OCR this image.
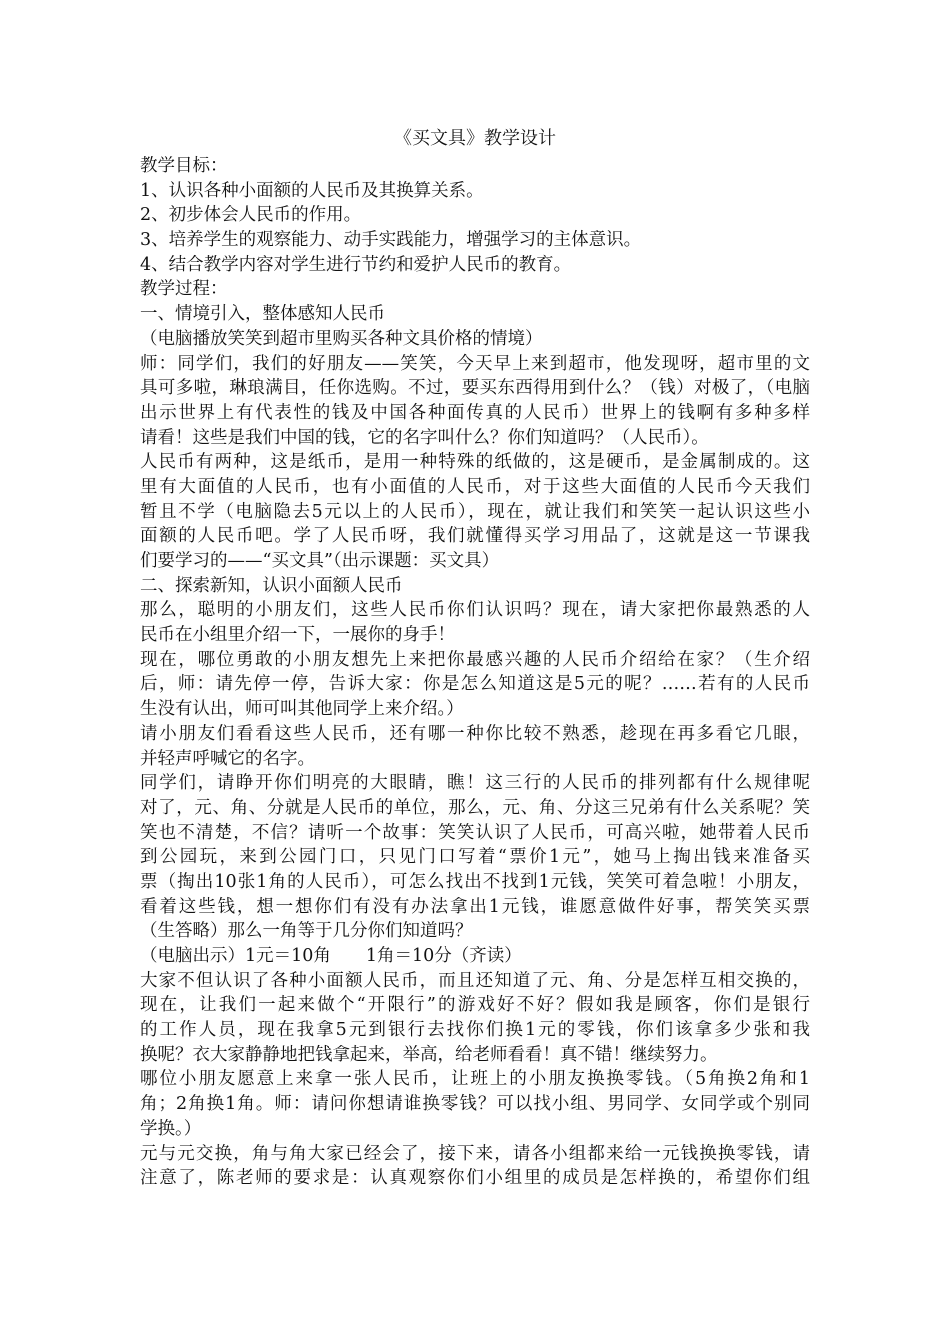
《买文具》教学设计
教学目标：
1、认识各种小面额的人民币及其换算关系。
2、初步体会人民币的作用。
3、培养学生的观察能力、动手实践能力，增强学习的主体意识。
4、结合教学内容对学生进行节约和爱护人民币的教育。
教学过程：
一、情境引入，整体感知人民币
（电脑播放笑笑到超市里购买各种文具价格的情境）
师：同学们，我们的好朋友——笑笑，今天早上来到超市，他发现呀，超市里的文
具可多啦，琳琅满目，任你选购。不过，要买东西得用到什么？（钱）对极了，（电脑
出示世界上有代表性的钱及中国各种面传真的人民币）世界上的钱啊有多种多样
请看！这些是我们中国的钱，它的名字叫什么？你们知道吗？（人民币）。
人民币有两种，这是纸币，是用一种特殊的纸做的，这是硬币，是金属制成的。这
里有大面值的人民币，也有小面值的人民币，对于这些大面值的人民币今天我们
暂且不学（电脑隐去5元以上的人民币），现在，就让我们和笑笑一起认识这些小
面额的人民币吧。学了人民币呀，我们就懂得买学习用品了，这就是这一节课我
们要学习的——“买文具”（出示课题：买文具）
二、探索新知，认识小面额人民币
那么，聪明的小朋友们，这些人民币你们认识吗？现在，请大家把你最熟悉的人
民币在小组里介绍一下，一展你的身手！
现在，哪位勇敢的小朋友想先上来把你最感兴趣的人民币介绍给在家？（生介绍
后，师：请先停一停，告诉大家：你是怎么知道这是5元的呢？……若有的人民币
生没有认出，师可叫其他同学上来介绍。）
请小朋友们看看这些人民币，还有哪一种你比较不熟悉，趁现在再多看它几眼，
并轻声呼喊它的名字。
同学们，请睁开你们明亮的大眼睛，瞧！这三行的人民币的排列都有什么规律呢
对了，元、角、分就是人民币的单位，那么，元、角、分这三兄弟有什么关系呢？笑
笑也不清楚，不信？请听一个故事：笑笑认识了人民币，可高兴啦，她带着人民币
到公园玩，来到公园门口，只见门口写着“票价1元”，她马上掏出钱来准备买
票（掏出10张1角的人民币），可怎么找出不找到1元钱，笑笑可着急啦！小朋友，
看着这些钱，想一想你们有没有办法拿出1元钱，谁愿意做件好事，帮笑笑买票
（生答略）那么一角等于几分你们知道吗？
（电脑出示）1元＝10角　　1角＝10分（齐读）
大家不但认识了各种小面额人民币，而且还知道了元、角、分是怎样互相交换的，
现在，让我们一起来做个“开限行”的游戏好不好？假如我是顾客，你们是银行
的工作人员，现在我拿5元到银行去找你们换1元的零钱，你们该拿多少张和我
换呢？衣大家静静地把钱拿起来，举高，给老师看看！真不错！继续努力。
哪位小朋友愿意上来拿一张人民币，让班上的小朋友换换零钱。（5角换2角和1
角；2角换1角。师：请问你想请谁换零钱？可以找小组、男同学、女同学或个别同
学换。）
元与元交换，角与角大家已经会了，接下来，请各小组都来给一元钱换换零钱，请
注意了，陈老师的要求是：认真观察你们小组里的成员是怎样换的，希望你们组
